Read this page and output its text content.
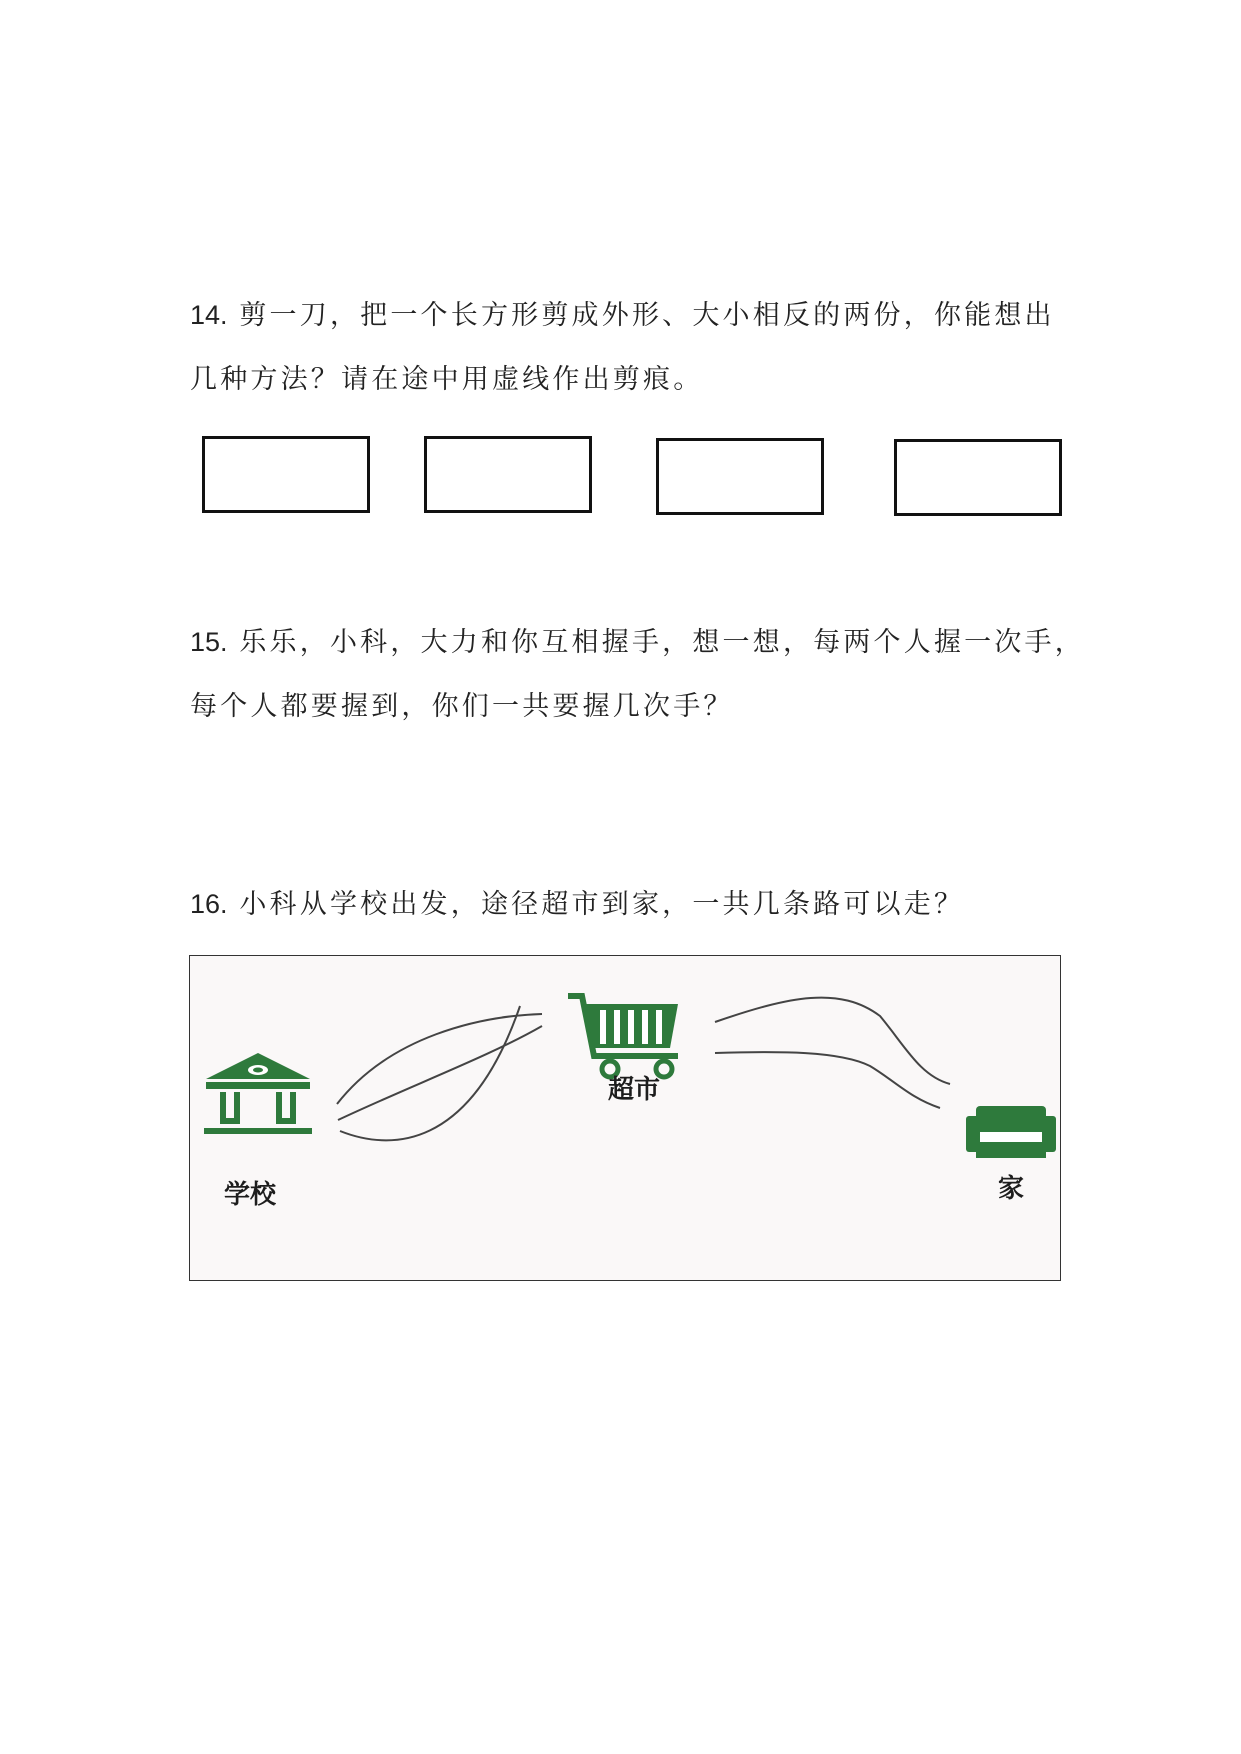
14. 剪一刀，把一个长方形剪成外形、大小相反的两份，你能想出
几种方法？请在途中用虚线作出剪痕。
15. 乐乐，小科，大力和你互相握手，想一想，每两个人握一次手，
每个人都要握到，你们一共要握几次手？
16. 小科从学校出发，途径超市到家，一共几条路可以走？
学校
超市
家
